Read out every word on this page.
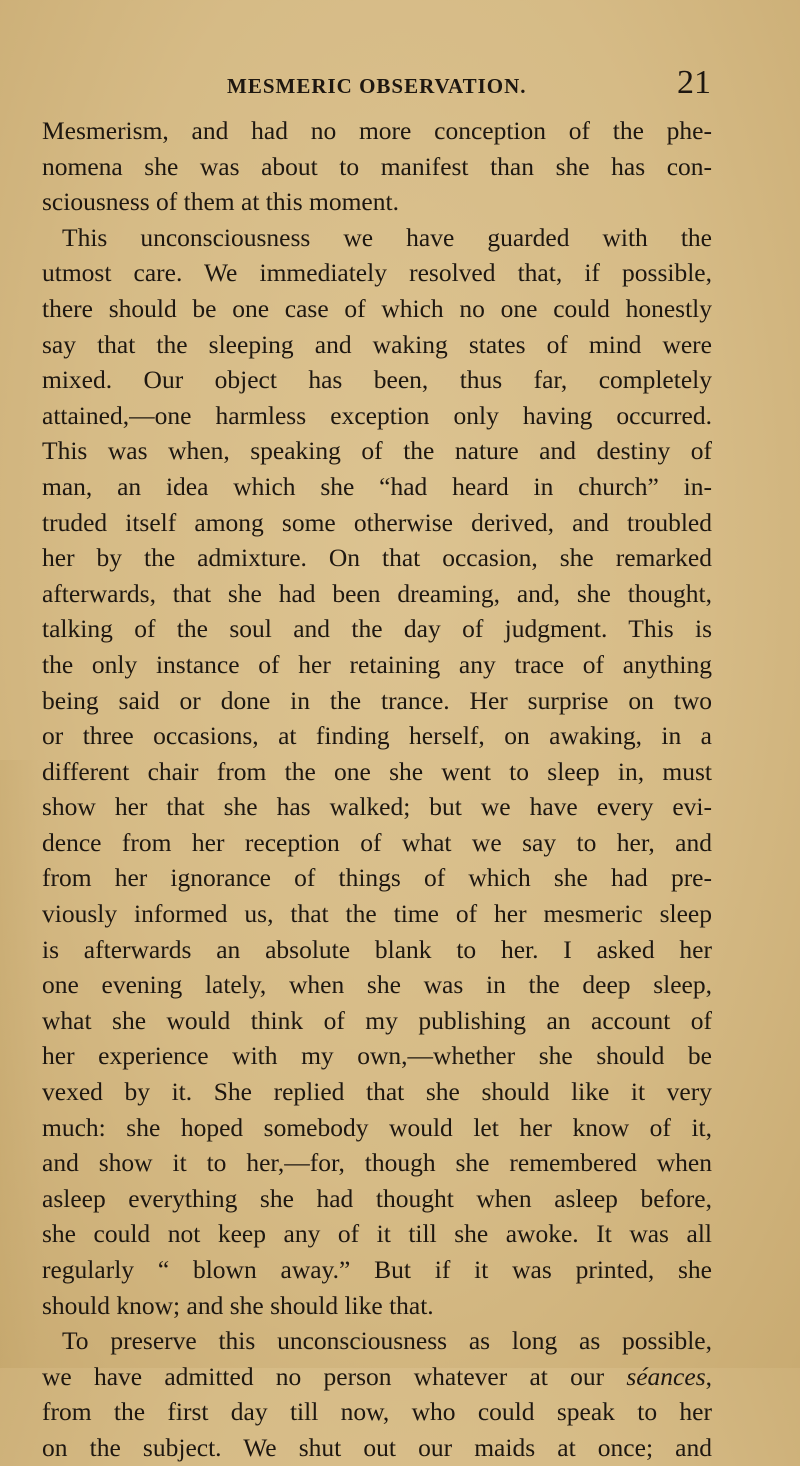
MESMERIC OBSERVATION.	21
Mesmerism, and had no more conception of the phe-
nomena she was about to manifest than she has con-
sciousness of them at this moment.
This unconsciousness we have guarded with the
utmost care. We immediately resolved that, if possible,
there should be one case of which no one could honestly
say that the sleeping and waking states of mind were
mixed. Our object has been, thus far, completely
attained,—one harmless exception only having occurred.
This was when, speaking of the nature and destiny of
man, an idea which she “had heard in church” in-
truded itself among some otherwise derived, and troubled
her by the admixture. On that occasion, she remarked
afterwards, that she had been dreaming, and, she thought,
talking of the soul and the day of judgment. This is
the only instance of her retaining any trace of anything
being said or done in the trance. Her surprise on two
or three occasions, at finding herself, on awaking, in a
different chair from the one she went to sleep in, must
show her that she has walked; but we have every evi-
dence from her reception of what we say to her, and
from her ignorance of things of which she had pre-
viously informed us, that the time of her mesmeric sleep
is afterwards an absolute blank to her. I asked her
one evening lately, when she was in the deep sleep,
what she would think of my publishing an account of
her experience with my own,—whether she should be
vexed by it. She replied that she should like it very
much: she hoped somebody would let her know of it,
and show it to her,—for, though she remembered when
asleep everything she had thought when asleep before,
she could not keep any of it till she awoke. It was all
regularly “ blown away.” But if it was printed, she
should know; and she should like that.
To preserve this unconsciousness as long as possible,
we have admitted no person whatever at our séances,
from the first day till now, who could speak to her
on the subject. We shut out our maids at once; and
